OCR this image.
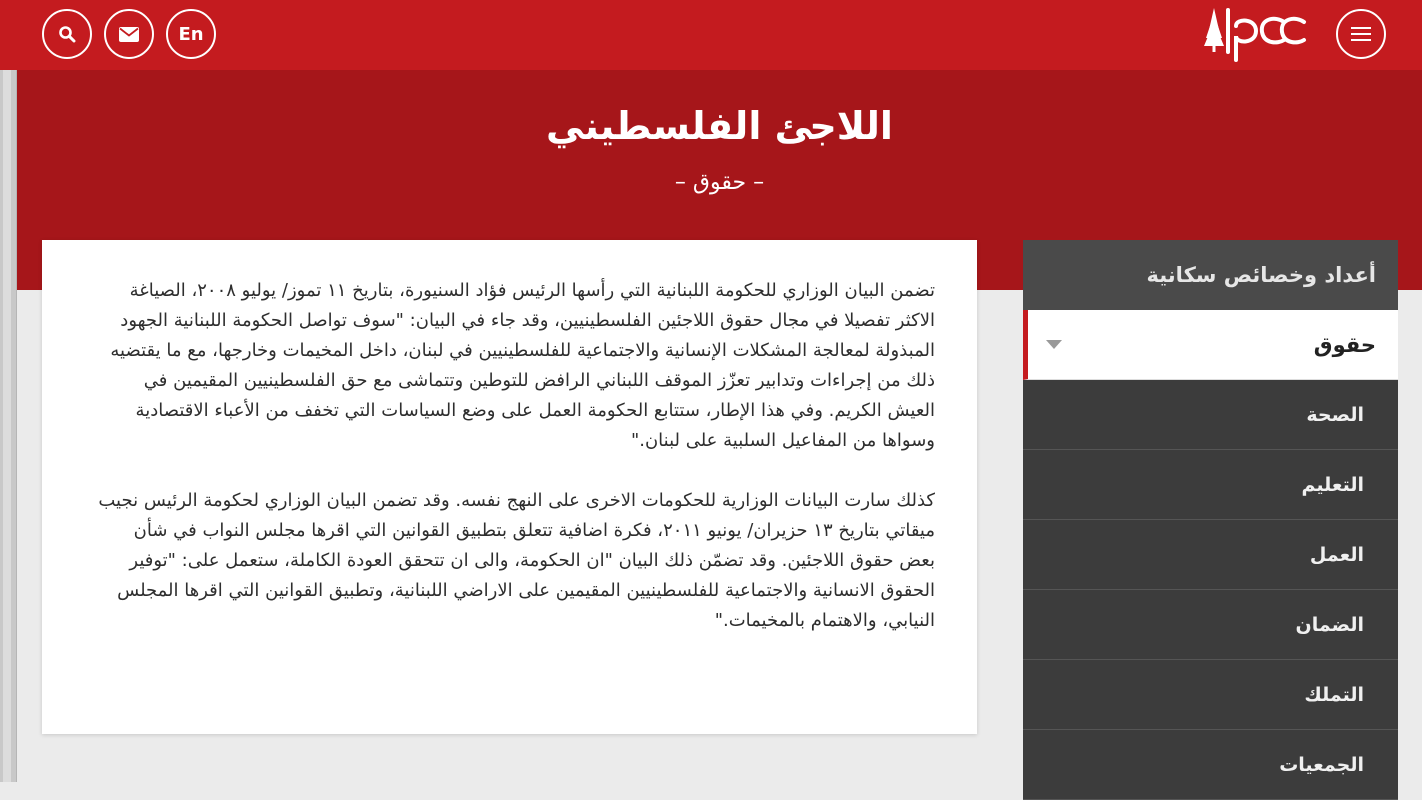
En
اللاجئ الفلسطيني
– حقوق –

تضمن البيان الوزاري للحكومة اللبنانية التي رأسها الرئيس فؤاد السنيورة، بتاريخ ١١ تموز/ يوليو ٢٠٠٨، الصياغة الاكثر تفصيلا في مجال حقوق اللاجئين الفلسطينيين، وقد جاء في البيان: "سوف تواصل الحكومة اللبنانية الجهود المبذولة لمعالجة المشكلات الإنسانية والاجتماعية للفلسطينيين في لبنان، داخل المخيمات وخارجها، مع ما يقتضيه ذلك من إجراءات وتدابير تعزّز الموقف اللبناني الرافض للتوطين وتتماشى مع حق الفلسطينيين المقيمين في العيش الكريم. وفي هذا الإطار، ستتابع الحكومة العمل على وضع السياسات التي تخفف من الأعباء الاقتصادية وسواها من المفاعيل السلبية على لبنان."

كذلك سارت البيانات الوزارية للحكومات الاخرى على النهج نفسه. وقد تضمن البيان الوزاري لحكومة الرئيس نجيب ميقاتي بتاريخ ١٣ حزيران/ يونيو ٢٠١١، فكرة اضافية تتعلق بتطبيق القوانين التي اقرها مجلس النواب في شأن بعض حقوق اللاجئين. وقد تضمّن ذلك البيان "ان الحكومة، والى ان تتحقق العودة الكاملة، ستعمل على: "توفير الحقوق الانسانية والاجتماعية للفلسطينيين المقيمين على الاراضي اللبنانية، وتطبيق القوانين التي اقرها المجلس النيابي، والاهتمام بالمخيمات."

أعداد وخصائص سكانية
حقوق
الصحة
التعليم
العمل
الضمان
التملك
الجمعيات
